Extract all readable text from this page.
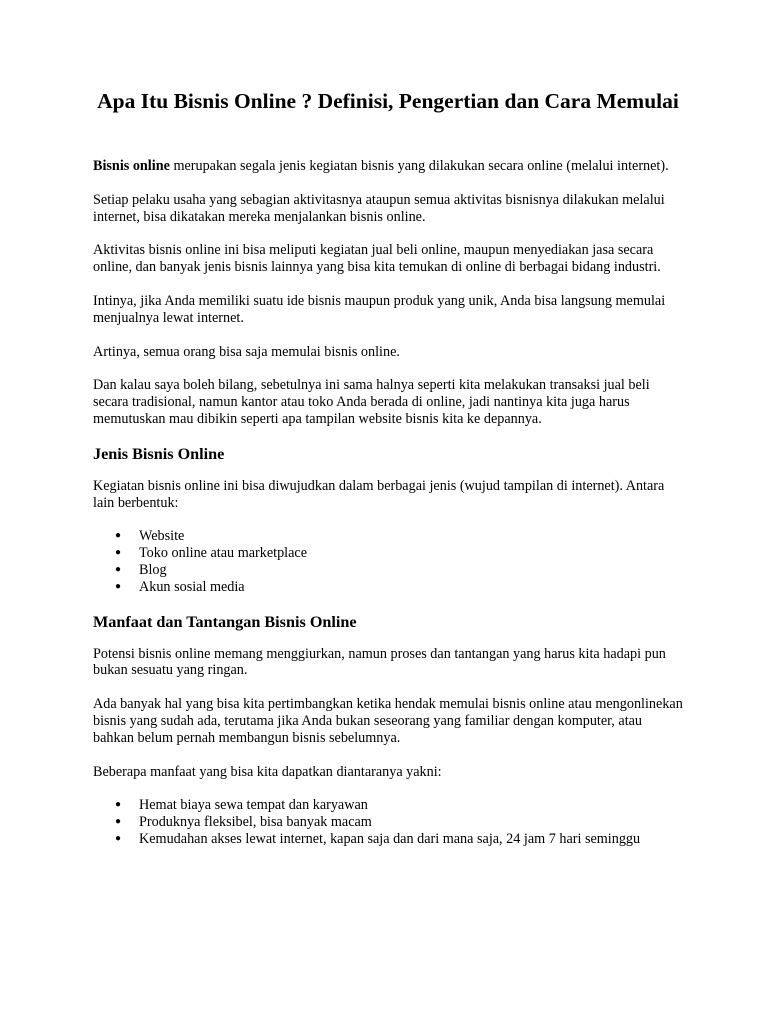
Apa Itu Bisnis Online ? Definisi, Pengertian dan Cara Memulai

Bisnis online merupakan segala jenis kegiatan bisnis yang dilakukan secara online (melalui internet).

Setiap pelaku usaha yang sebagian aktivitasnya ataupun semua aktivitas bisnisnya dilakukan melalui internet, bisa dikatakan mereka menjalankan bisnis online.

Aktivitas bisnis online ini bisa meliputi kegiatan jual beli online, maupun menyediakan jasa secara online, dan banyak jenis bisnis lainnya yang bisa kita temukan di online di berbagai bidang industri.

Intinya, jika Anda memiliki suatu ide bisnis maupun produk yang unik, Anda bisa langsung memulai menjualnya lewat internet.

Artinya, semua orang bisa saja memulai bisnis online.

Dan kalau saya boleh bilang, sebetulnya ini sama halnya seperti kita melakukan transaksi jual beli secara tradisional, namun kantor atau toko Anda berada di online, jadi nantinya kita juga harus memutuskan mau dibikin seperti apa tampilan website bisnis kita ke depannya.

Jenis Bisnis Online

Kegiatan bisnis online ini bisa diwujudkan dalam berbagai jenis (wujud tampilan di internet). Antara lain berbentuk:

● Website
● Toko online atau marketplace
● Blog
● Akun sosial media
Manfaat dan Tantangan Bisnis Online

Potensi bisnis online memang menggiurkan, namun proses dan tantangan yang harus kita hadapi pun bukan sesuatu yang ringan.

Ada banyak hal yang bisa kita pertimbangkan ketika hendak memulai bisnis online atau mengonlinekan bisnis yang sudah ada, terutama jika Anda bukan seseorang yang familiar dengan komputer, atau bahkan belum pernah membangun bisnis sebelumnya.

Beberapa manfaat yang bisa kita dapatkan diantaranya yakni:

● Hemat biaya sewa tempat dan karyawan
● Produknya fleksibel, bisa banyak macam
● Kemudahan akses lewat internet, kapan saja dan dari mana saja, 24 jam 7 hari seminggu
